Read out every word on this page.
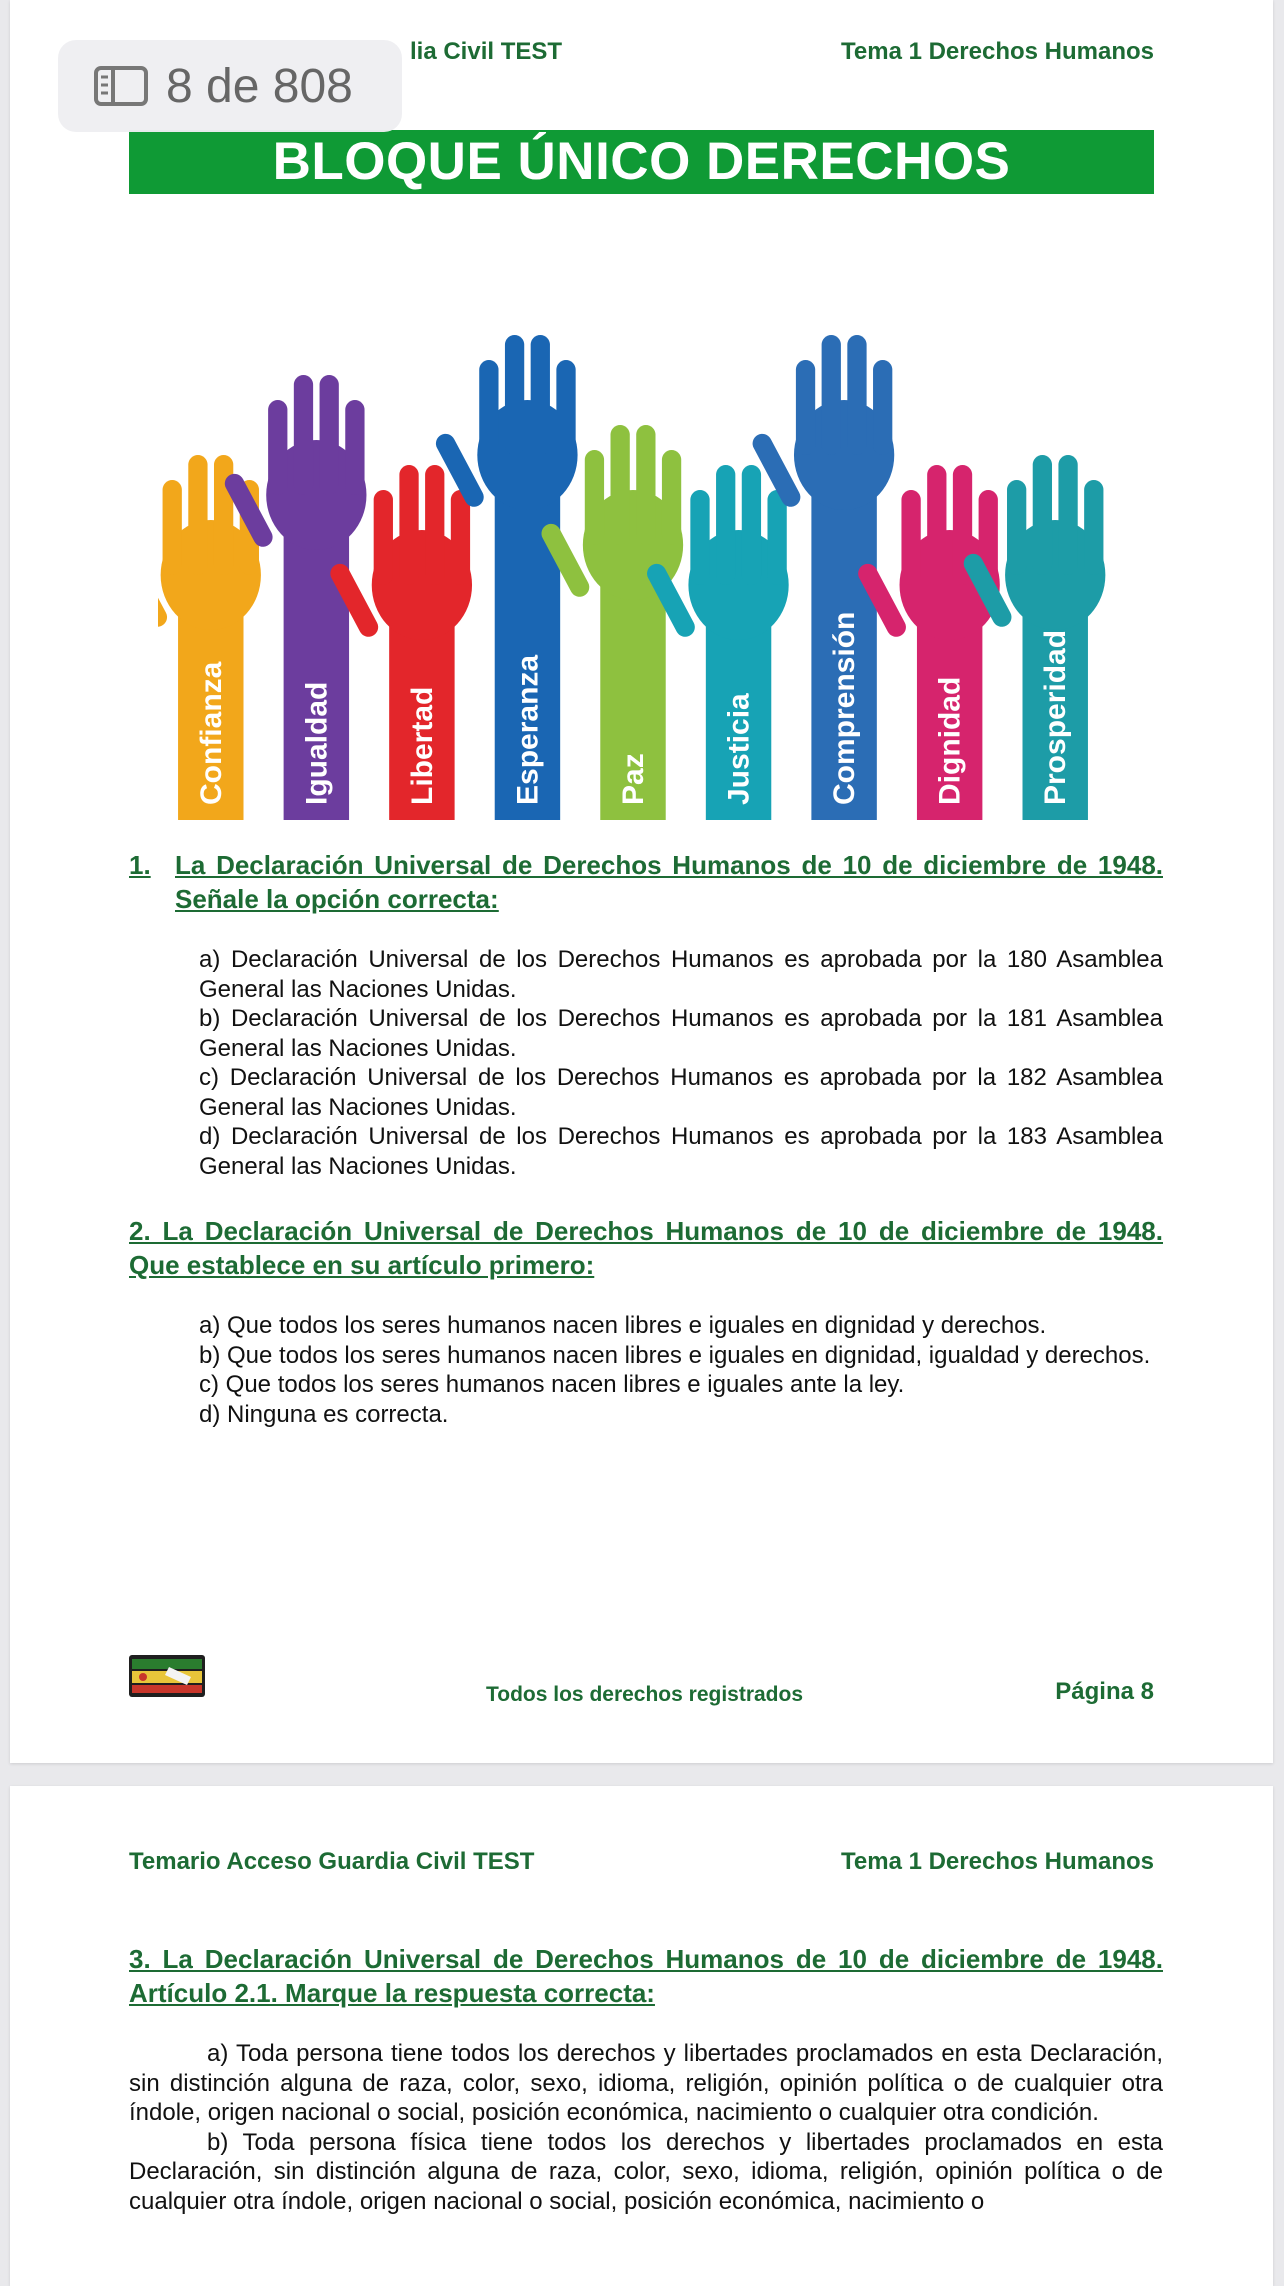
lia Civil TEST	Tema 1 Derechos Humanos
BLOQUE ÚNICO DERECHOS HUMANOS
Confianza Igualdad Libertad Esperanza Paz Justicia Comprensión Dignidad Prosperidad
1. La Declaración Universal de Derechos Humanos de 10 de diciembre de 1948. Señale la opción correcta:
a) Declaración Universal de los Derechos Humanos es aprobada por la 180 Asamblea General las Naciones Unidas.
b) Declaración Universal de los Derechos Humanos es aprobada por la 181 Asamblea General las Naciones Unidas.
c) Declaración Universal de los Derechos Humanos es aprobada por la 182 Asamblea General las Naciones Unidas.
d) Declaración Universal de los Derechos Humanos es aprobada por la 183 Asamblea General las Naciones Unidas.
2. La Declaración Universal de Derechos Humanos de 10 de diciembre de 1948. Que establece en su artículo primero:
a) Que todos los seres humanos nacen libres e iguales en dignidad y derechos.
b) Que todos los seres humanos nacen libres e iguales en dignidad, igualdad y derechos.
c) Que todos los seres humanos nacen libres e iguales ante la ley.
d) Ninguna es correcta.
Todos los derechos registrados	Página 8
Temario Acceso Guardia Civil TEST	Tema 1 Derechos Humanos
3. La Declaración Universal de Derechos Humanos de 10 de diciembre de 1948. Artículo 2.1. Marque la respuesta correcta:
a) Toda persona tiene todos los derechos y libertades proclamados en esta Declaración, sin distinción alguna de raza, color, sexo, idioma, religión, opinión política o de cualquier otra índole, origen nacional o social, posición económica, nacimiento o cualquier otra condición.
b) Toda persona física tiene todos los derechos y libertades proclamados en esta Declaración, sin distinción alguna de raza, color, sexo, idioma, religión, opinión política o de cualquier otra índole, origen nacional o social, posición económica, nacimiento o
8 de 808
